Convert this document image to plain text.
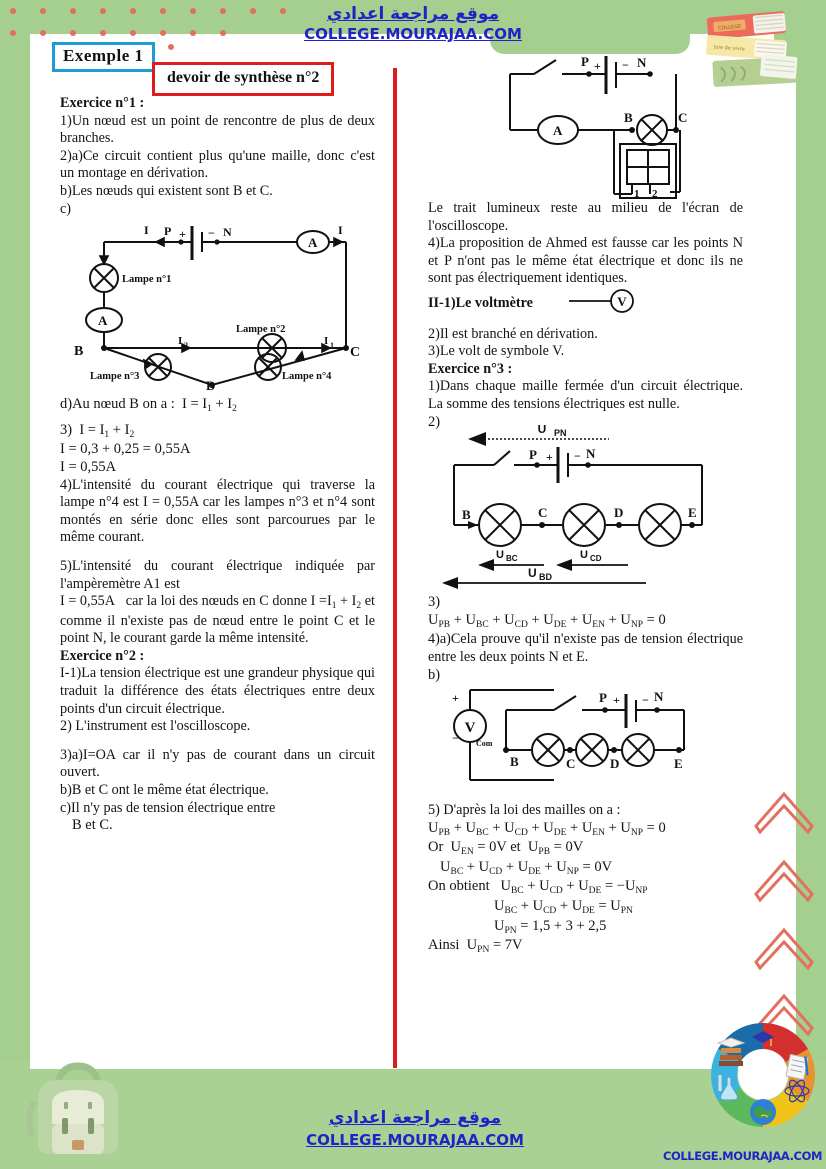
موقع مراجعة اعدادي
COLLEGE.MOURAJAA.COM
Exemple 1
devoir de synthèse n°2
COLLEGE
Joie de vivre
COLLEGE.MOURAJAA.COM

Exercice n°1 :

1)Un nœud est un point de rencontre de plus de deux branches.

2)a)Ce circuit contient plus qu'une maille, donc c'est un montage en dérivation.

b)Les nœuds qui existent sont B et C.

c)

I P + − N	I
A
A
B	C
D
I 2	I 1
Lampe n°1
Lampe n°2
Lampe n°3	Lampe n°4

d)Au nœud B on a :  $I = I_1 + I_2$

3)  $I = I_1 + I_2$

I = 0,3 + 0,25 = 0,55A

I = 0,55A

4)L'intensité du courant électrique qui traverse la lampe n°4 est I = 0,55A car les lampes n°3 et n°4 sont montés en série donc elles sont parcourues par le même courant.

5)L'intensité du courant électrique indiquée par l'ampèremètre A1 est

I = 0,55A   car la loi des nœuds en C donne $I =I_1 + I_2$ et comme il n'existe pas de nœud entre le point C et le point N, le courant garde la même intensité.

Exercice n°2 :

I-1)La tension électrique est une grandeur physique qui traduit la différence des états électriques entre deux points d'un circuit électrique.

2) L'instrument est l'oscilloscope.

3)a)I=OA car il n'y pas de courant dans un circuit ouvert.

b)B et C ont le même état électrique.

c)Il n'y pas de tension électrique entre

B et C.

P + − N
A
B	C
1 2

Le trait lumineux reste au milieu de l'écran de l'oscilloscope.

4)La proposition de Ahmed est fausse car les points N et P n'ont pas le même état électrique et donc ils ne sont pas électriquement identiques.

II-1)Le voltmètre	V

2)Il est branché en dérivation.

3)Le volt de symbole V.

Exercice n°3 :

1)Dans chaque maille fermée d'un circuit électrique. La somme des tensions électriques est nulle.

2)	U PN
P + − N
B	C	D	E
U BC	U CD
U BD

3)

$U_{PB} + U_{BC} + U_{CD} + U_{DE} + U_{EN} + U_{NP} = 0$

4)a)Cela prouve qu'il n'existe pas de tension électrique entre les deux points N et E.

b)

V
+
− Com
P + − N
B	C	D	E

5) D'après la loi des mailles on a :

$U_{PB} + U_{BC} + U_{CD} + U_{DE} + U_{EN} + U_{NP} = 0$

Or  $U_{EN} = 0V$ et  $U_{PB} = 0V$

$U_{BC} + U_{CD} + U_{DE} + U_{NP} = 0V$

On obtient   $U_{BC} + U_{CD} + U_{DE} = -U_{NP}$

$U_{BC} + U_{CD} + U_{DE} = U_{PN}$

$U_{PN} = 1,5 + 3 + 2,5$

Ainsi  $U_{PN} = 7V$

موقع مراجعة اعدادي
COLLEGE.MOURAJAA.COM
